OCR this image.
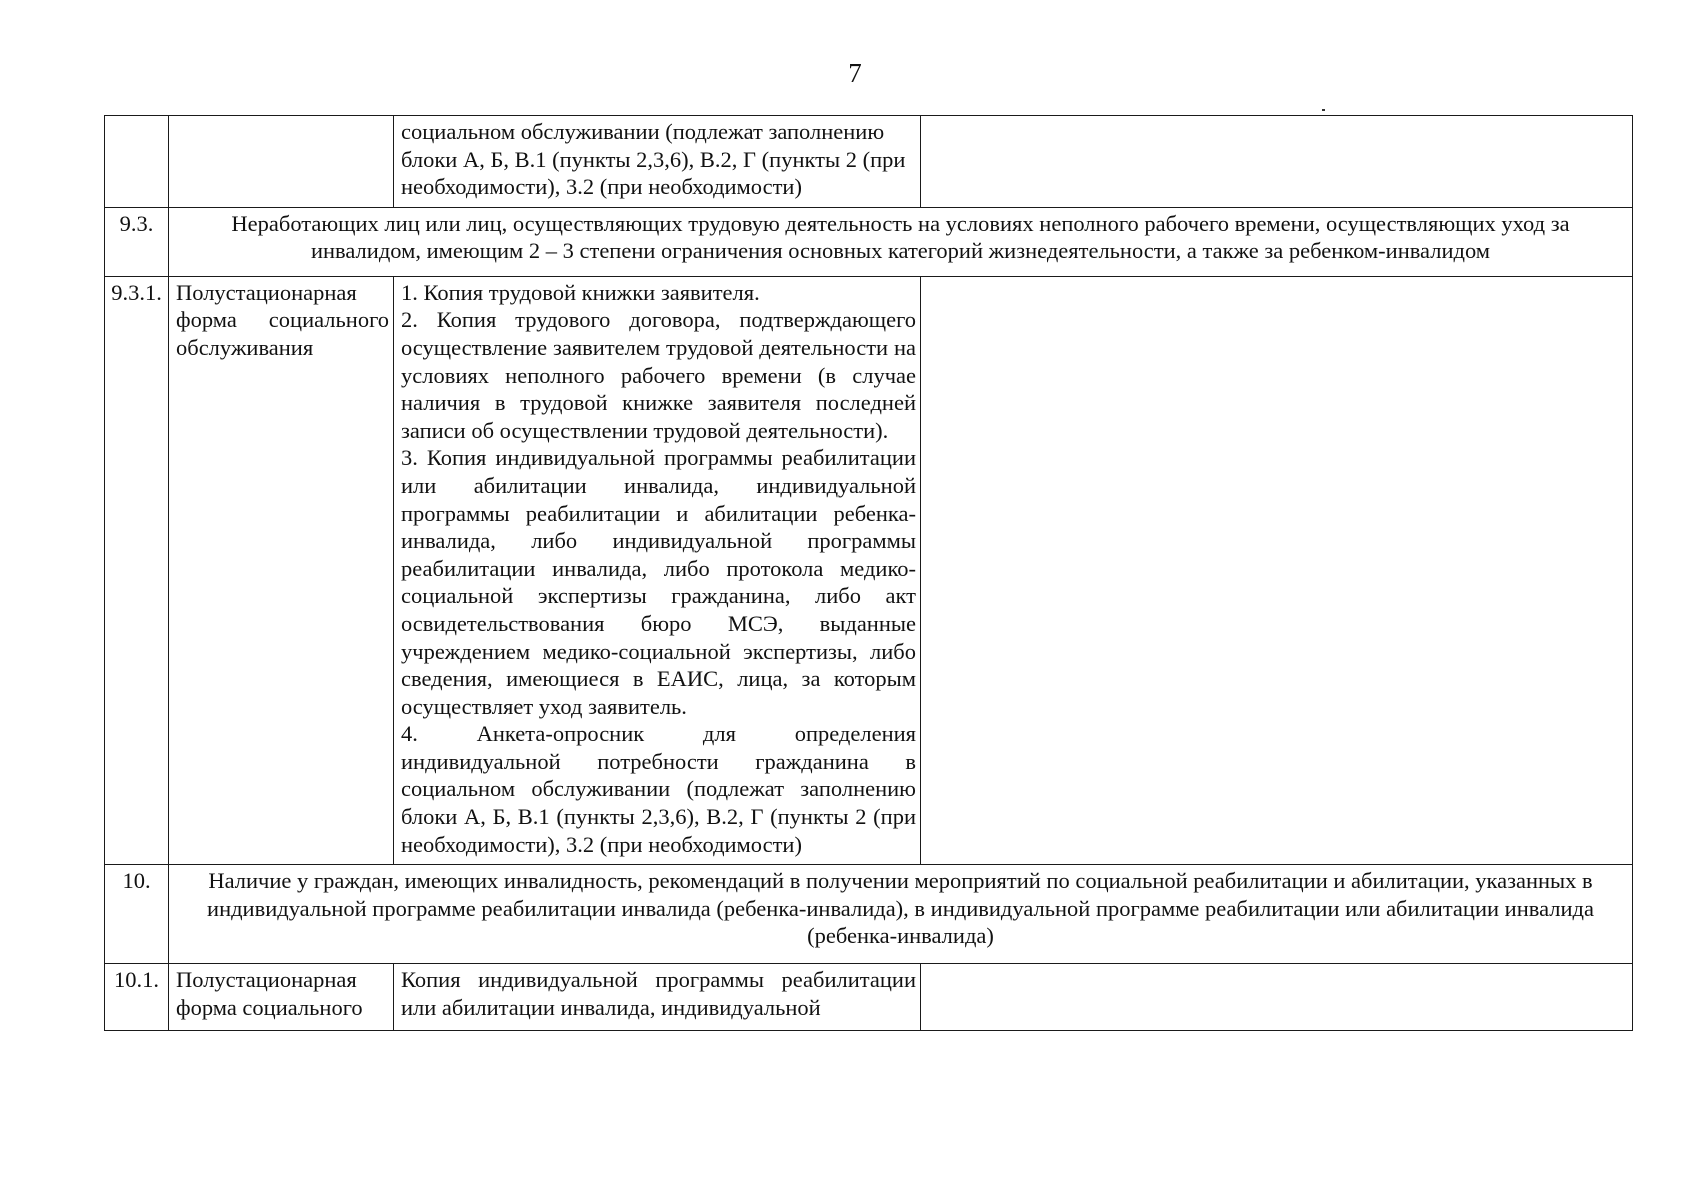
7

		социальном обслуживании (подлежат заполнению
блоки А, Б, В.1 (пункты 2,3,6), В.2, Г (пункты 2 (при
необходимости), 3.2 (при необходимости)	

9.3.	Неработающих лиц или лиц, осуществляющих трудовую деятельность на условиях неполного рабочего времени, осуществляющих уход за инвалидом, имеющим 2 – 3 степени ограничения основных категорий жизнедеятельности, а также за ребенком-инвалидом		
9.3.1.	Полустационарная форма социального обслуживания	1. Копия трудовой книжки заявителя.
2. Копия трудового договора, подтверждающего осуществление заявителем трудовой деятельности на условиях неполного рабочего времени (в случае наличия в трудовой книжке заявителя последней записи об осуществлении трудовой деятельности).
3. Копия индивидуальной программы реабилитации или абилитации инвалида, индивидуальной программы реабилитации и абилитации ребенка-инвалида, либо индивидуальной программы реабилитации инвалида, либо протокола медико-социальной экспертизы гражданина, либо акт освидетельствования бюро МСЭ, выданные учреждением медико-социальной экспертизы, либо сведения, имеющиеся в ЕАИС, лица, за которым осуществляет уход заявитель.
4. Анкета-опросник для определения индивидуальной потребности гражданина в социальном обслуживании (подлежат заполнению блоки А, Б, В.1 (пункты 2,3,6), В.2, Г (пункты 2 (при необходимости), 3.2 (при необходимости)	

10.	Наличие у граждан, имеющих инвалидность, рекомендаций в получении мероприятий по социальной реабилитации и абилитации, указанных в индивидуальной программе реабилитации инвалида (ребенка-инвалида), в индивидуальной программе реабилитации или абилитации инвалида (ребенка-инвалида)		
10.1.	Полустационарная форма социального	Копия индивидуальной программы реабилитации или абилитации инвалида, индивидуальной	
